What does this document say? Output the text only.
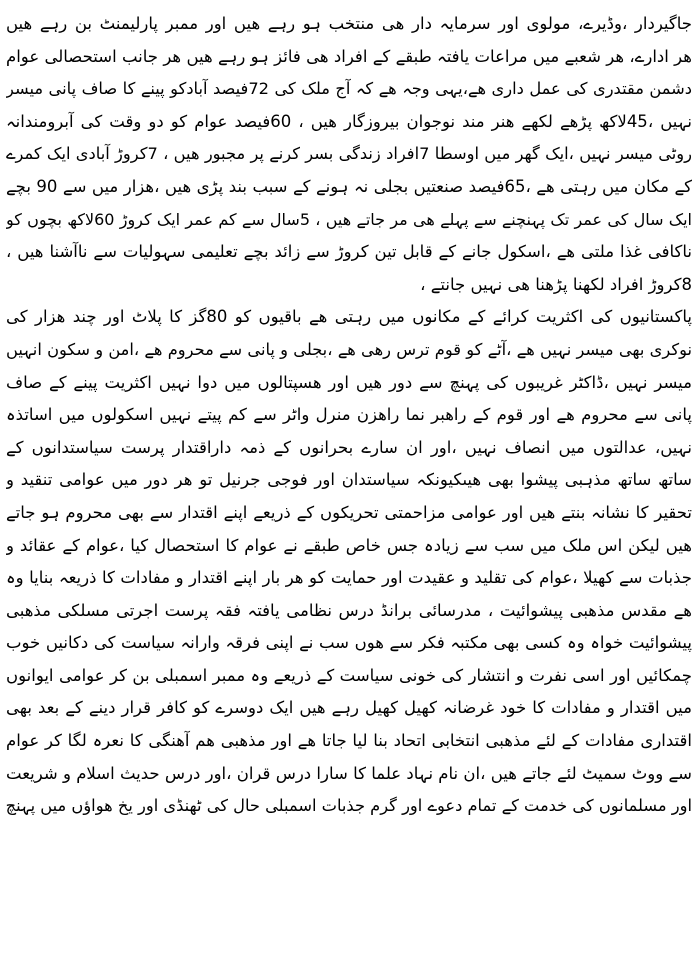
جاگیردار ،وڈیرے، مولوی اور سرمایہ دار ھی منتخب ہو رہے ھیں اور ممبر پارلیمنٹ بن رہے ھیں
ھر ادارے، ھر شعبے میں مراعات یافتہ طبقے کے افراد ھی فائز ہو رہے ھیں ھر جانب استحصالی عوام
دشمن مقتدری کی عمل داری ھے،یہی وجہ ھے کہ آج ملک کی 72فیصد آبادکو پینے کا صاف پانی میسر
نہیں ،45لاکھ پڑھے لکھے ھنر مند نوجوان بیروزگار ھیں ، 60فیصد عوام کو دو وقت کی آبرومندانہ
روٹی میسر نہیں ،ایک گھر میں اوسطا 7افراد زندگی بسر کرنے پر مجبور ھیں ، 7کروڑ آبادی ایک کمرے
کے مکان میں رہتی ھے ،65فیصد صنعتیں بجلی نہ ہونے کے سبب بند پڑی ھیں ،ھزار میں سے 90 بچے
ایک سال کی عمر تک پہنچنے سے پہلے ھی مر جاتے ھیں ، 5سال سے کم عمر ایک کروڑ 60لاکھ بچوں کو
ناکافی غذا ملتی ھے ،اسکول جانے کے قابل تین کروڑ سے زائد بچے تعلیمی سہولیات سے ناآشنا ھیں ،
8کروڑ افراد لکھنا پڑھنا ھی نہیں جانتے ،
پاکستانیوں کی اکثریت کرائے کے مکانوں میں رہتی ھے باقیوں کو 80گز کا پلاٹ اور چند ھزار کی
نوکری بھی میسر نہیں ھے ،آٹے کو قوم ترس رھی ھے ،بجلی و پانی سے محروم ھے ،امن و سکون انہیں
میسر نہیں ،ڈاکٹر غریبوں کی پہنچ سے دور ھیں اور ھسپتالوں میں دوا نہیں اکثریت پینے کے صاف
پانی سے محروم ھے اور قوم کے راھبر نما راھزن منرل واٹر سے کم پیتے نہیں اسکولوں میں اساتذہ
نہیں، عدالتوں میں انصاف نہیں ،اور ان سارے بحرانوں کے ذمہ داراقتدار پرست سیاستدانوں کے
ساتھ ساتھ مذہبی پیشوا بھی ھیںکیونکہ سیاستدان اور فوجی جرنیل تو ھر دور میں عوامی تنقید و
تحقیر کا نشانہ بنتے ھیں اور عوامی مزاحمتی تحریکوں کے ذریعے اپنے اقتدار سے بھی محروم ہو جاتے
ھیں لیکن اس ملک میں سب سے زیادہ جس خاص طبقے نے عوام کا استحصال کیا ،عوام کے عقائد و
جذبات سے کھیلا ،عوام کی تقلید و عقیدت اور حمایت کو ھر بار اپنے اقتدار و مفادات کا ذریعہ بنایا وہ
ھے مقدس مذھبی پیشوائیت ، مدرسائی برانڈ درس نظامی یافتہ فقہ پرست اجرتی مسلکی مذھبی
پیشوائیت خواہ وہ کسی بھی مکتبہ فکر سے ھوں سب نے اپنی فرقہ وارانہ سیاست کی دکانیں خوب
چمکائیں اور اسی نفرت و انتشار کی خونی سیاست کے ذریعے وہ ممبر اسمبلی بن کر عوامی ایوانوں
میں اقتدار و مفادات کا خود غرضانہ کھیل کھیل رہے ھیں ایک دوسرے کو کافر قرار دینے کے بعد بھی
اقتداری مفادات کے لئے مذھبی انتخابی اتحاد بنا لیا جاتا ھے اور مذھبی ھم آھنگی کا نعرہ لگا کر عوام
سے ووٹ سمیٹ لئے جاتے ھیں ،ان نام نہاد علما کا سارا درس قران ،اور درس حدیث اسلام و شریعت
اور مسلمانوں کی خدمت کے تمام دعوے اور گرم جذبات اسمبلی حال کی ٹھنڈی اور یخ ھواؤں میں پہنچ
